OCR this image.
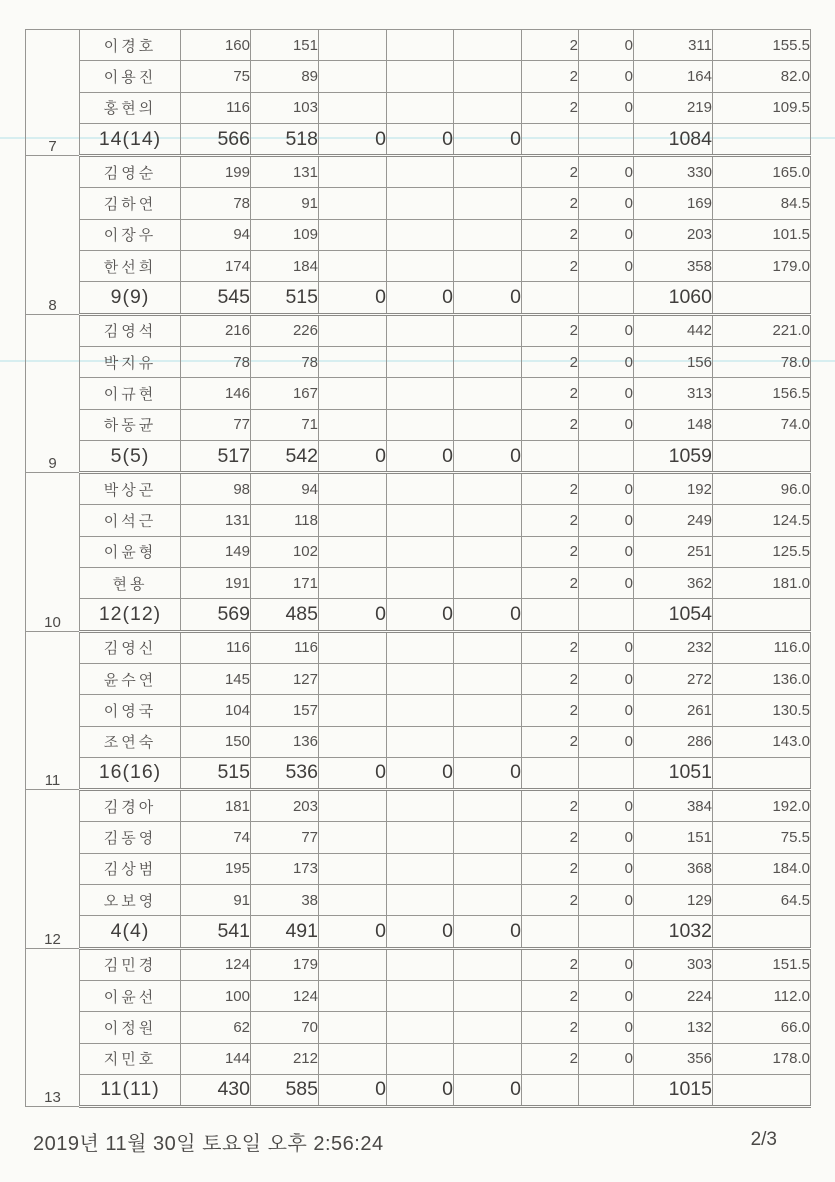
7	이경호	160	151				2	0	311	155.5
	이용진	75	89				2	0	164	82.0
	홍현의	116	103				2	0	219	109.5
	14(14)	566	518	0	0	0			1084	
8	김영순	199	131				2	0	330	165.0
	김하연	78	91				2	0	169	84.5
	이장우	94	109				2	0	203	101.5
	한선희	174	184				2	0	358	179.0
	9(9)	545	515	0	0	0			1060	
9	김영석	216	226				2	0	442	221.0
	박지유	78	78				2	0	156	78.0
	이규현	146	167				2	0	313	156.5
	하동균	77	71				2	0	148	74.0
	5(5)	517	542	0	0	0			1059	
10	박상곤	98	94				2	0	192	96.0
	이석근	131	118				2	0	249	124.5
	이윤형	149	102				2	0	251	125.5
	현용	191	171				2	0	362	181.0
	12(12)	569	485	0	0	0			1054	
11	김영신	116	116				2	0	232	116.0
	윤수연	145	127				2	0	272	136.0
	이영국	104	157				2	0	261	130.5
	조연숙	150	136				2	0	286	143.0
	16(16)	515	536	0	0	0			1051	
12	김경아	181	203				2	0	384	192.0
	김동영	74	77				2	0	151	75.5
	김상범	195	173				2	0	368	184.0
	오보영	91	38				2	0	129	64.5
	4(4)	541	491	0	0	0			1032	
13	김민경	124	179				2	0	303	151.5
	이윤선	100	124				2	0	224	112.0
	이정원	62	70				2	0	132	66.0
	지민호	144	212				2	0	356	178.0
	11(11)	430	585	0	0	0			1015	
2019년 11월 30일 토요일 오후 2:56:24	2/3
